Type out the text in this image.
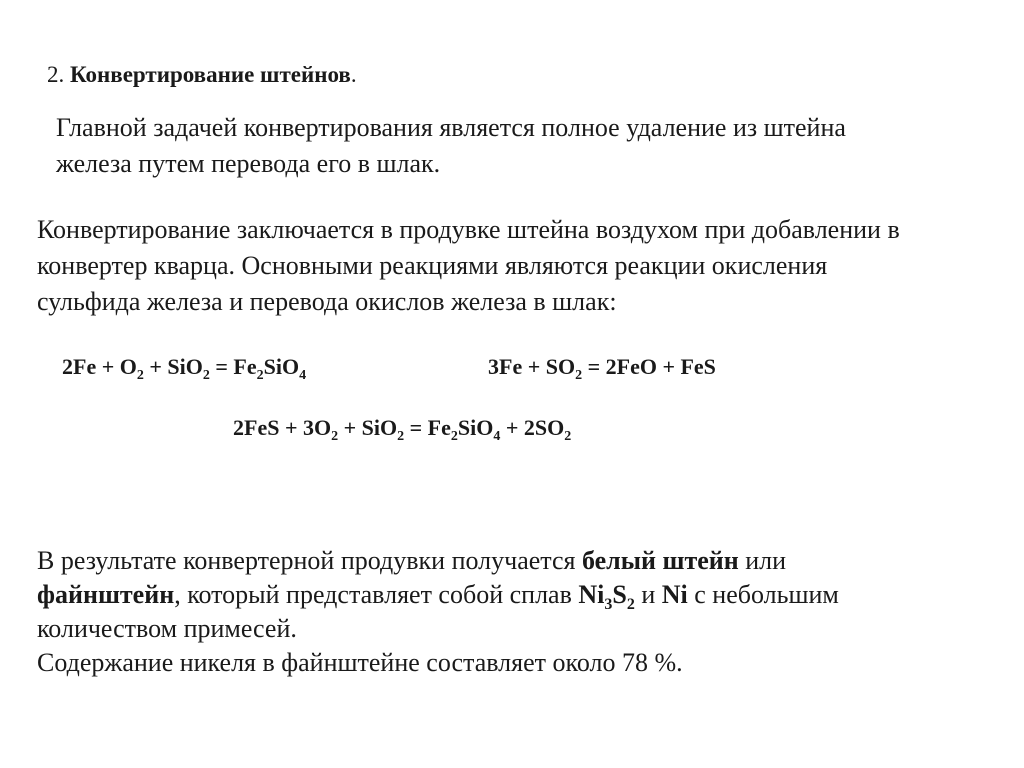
2. Конвертирование штейнов.
Главной задачей конвертирования является полное удаление из штейна
железа путем перевода его в шлак.
Конвертирование заключается в продувке штейна воздухом при добавлении в
конвертер кварца. Основными реакциями являются реакции окисления
сульфида железа и перевода окислов железа в шлак:
$2Fe + O_2 + SiO_2 = Fe_2SiO_4$	$3Fe + SO_2 = 2FeO$ + FeS
$2FeS + 3O_2 + SiO_2 = Fe_2SiO_4 + 2SO_2$
В результате конвертерной продувки получается белый штейн или
файнштейн, который представляет собой сплав $Ni_3S_2$ и Ni с небольшим
количеством примесей.
Содержание никеля в файнштейне составляет около 78 %.
